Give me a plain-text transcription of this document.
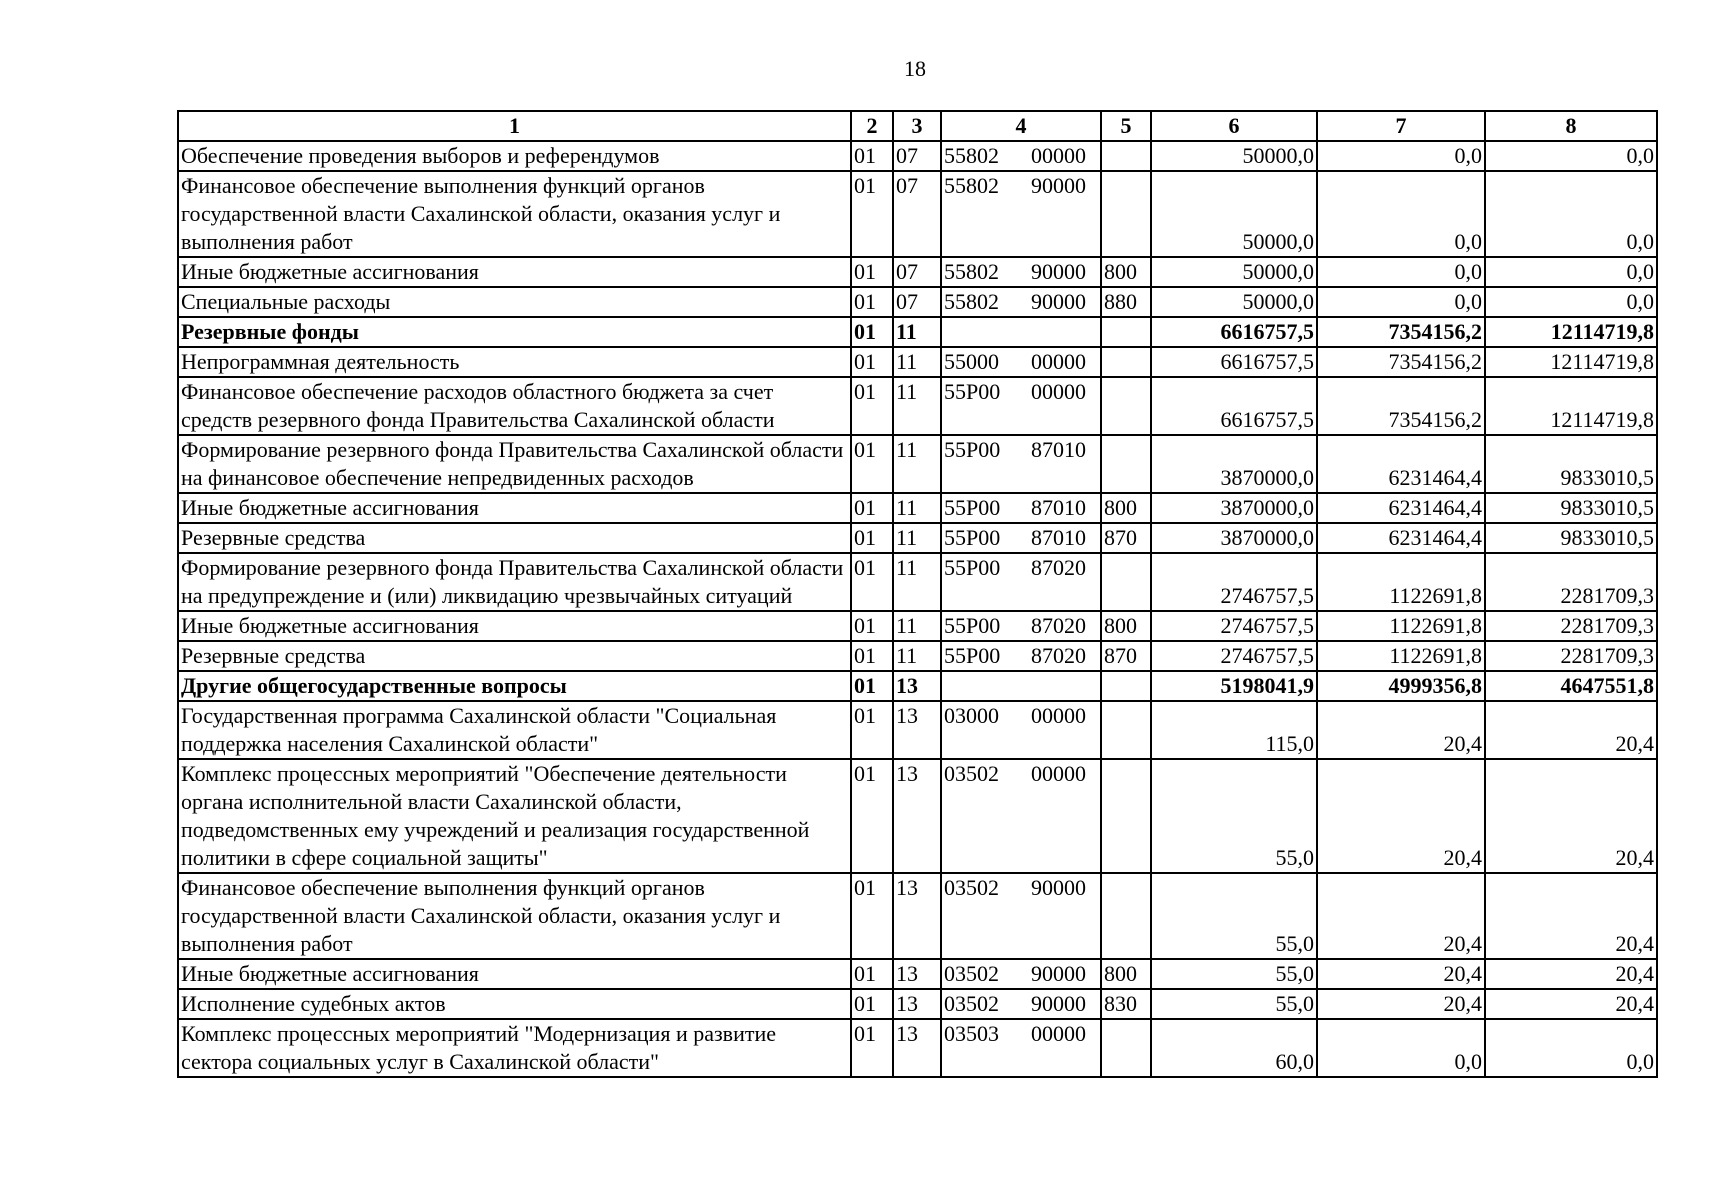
18
1	2	3	4	5	6	7	8
Обеспечение проведения выборов и референдумов	01	07	55802 00000		50000,0	0,0	0,0
Финансовое обеспечение выполнения функций органов государственной власти Сахалинской области, оказания услуг и выполнения работ	01	07	55802 90000		50000,0	0,0	0,0
Иные бюджетные ассигнования	01	07	55802 90000	800	50000,0	0,0	0,0
Специальные расходы	01	07	55802 90000	880	50000,0	0,0	0,0
Резервные фонды	01	11			6616757,5	7354156,2	12114719,8
Непрограммная деятельность	01	11	55000 00000		6616757,5	7354156,2	12114719,8
Финансовое обеспечение расходов областного бюджета за счет средств резервного фонда Правительства Сахалинской области	01	11	55P00 00000		6616757,5	7354156,2	12114719,8
Формирование резервного фонда Правительства Сахалинской области на финансовое обеспечение непредвиденных расходов	01	11	55P00 87010		3870000,0	6231464,4	9833010,5
Иные бюджетные ассигнования	01	11	55P00 87010	800	3870000,0	6231464,4	9833010,5
Резервные средства	01	11	55P00 87010	870	3870000,0	6231464,4	9833010,5
Формирование резервного фонда Правительства Сахалинской области на предупреждение и (или) ликвидацию чрезвычайных ситуаций	01	11	55P00 87020		2746757,5	1122691,8	2281709,3
Иные бюджетные ассигнования	01	11	55P00 87020	800	2746757,5	1122691,8	2281709,3
Резервные средства	01	11	55P00 87020	870	2746757,5	1122691,8	2281709,3
Другие общегосударственные вопросы	01	13			5198041,9	4999356,8	4647551,8
Государственная программа Сахалинской области "Социальная поддержка населения Сахалинской области"	01	13	03000 00000		115,0	20,4	20,4
Комплекс процессных мероприятий "Обеспечение деятельности органа исполнительной власти Сахалинской области, подведомственных ему учреждений и реализация государственной политики в сфере социальной защиты"	01	13	03502 00000		55,0	20,4	20,4
Финансовое обеспечение выполнения функций органов государственной власти Сахалинской области, оказания услуг и выполнения работ	01	13	03502 90000		55,0	20,4	20,4
Иные бюджетные ассигнования	01	13	03502 90000	800	55,0	20,4	20,4
Исполнение судебных актов	01	13	03502 90000	830	55,0	20,4	20,4
Комплекс процессных мероприятий "Модернизация и развитие сектора социальных услуг в Сахалинской области"	01	13	03503 00000		60,0	0,0	0,0
